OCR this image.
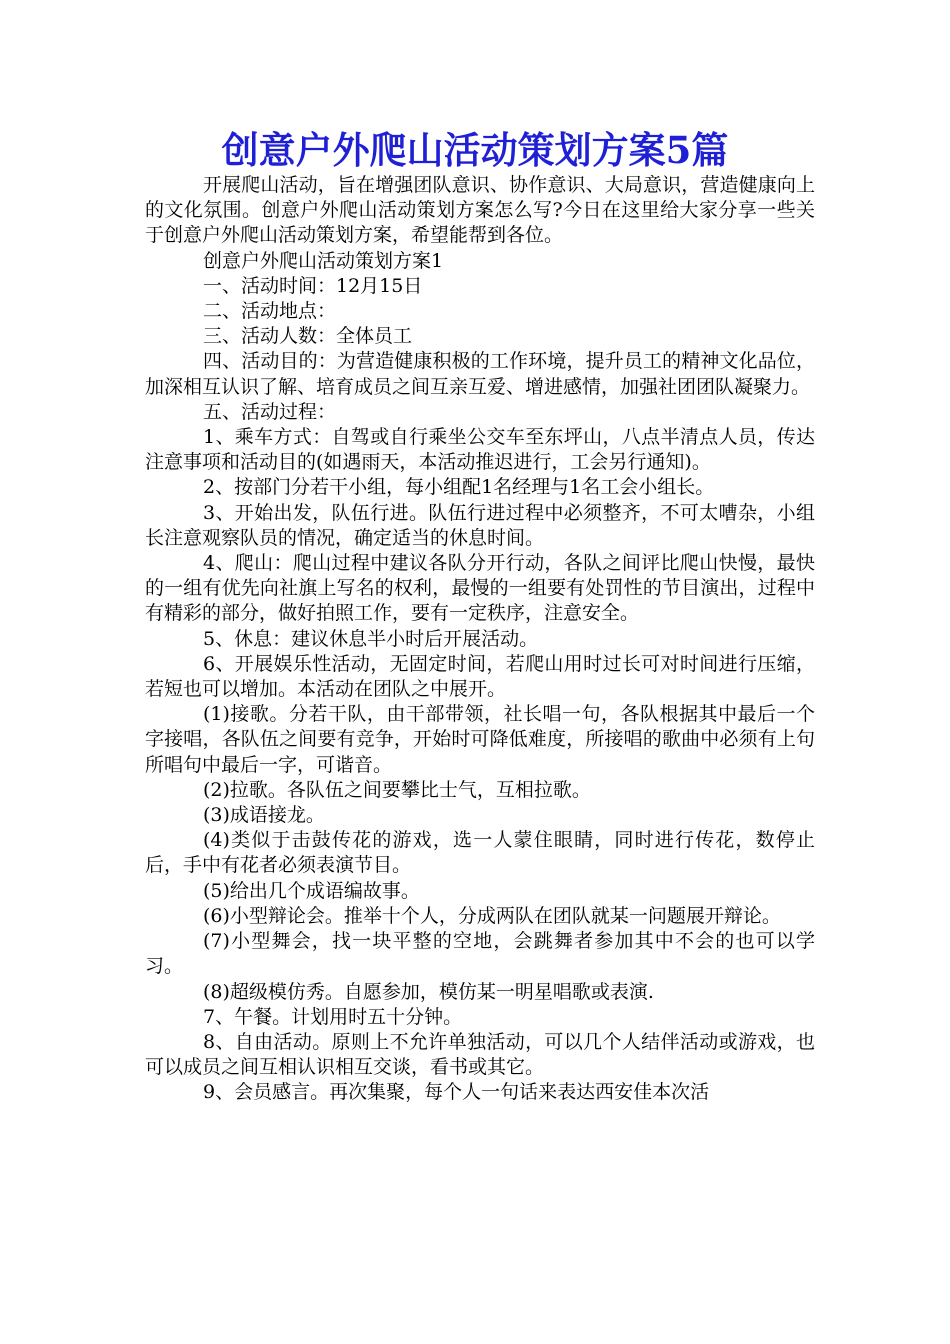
创意户外爬山活动策划方案5篇

开展爬山活动，旨在增强团队意识、协作意识、大局意识，营造健康向上的文化氛围。创意户外爬山活动策划方案怎么写?今日在这里给大家分享一些关于创意户外爬山活动策划方案，希望能帮到各位。

创意户外爬山活动策划方案1

一、活动时间：12月15日

二、活动地点：

三、活动人数：全体员工

四、活动目的：为营造健康积极的工作环境，提升员工的精神文化品位，加深相互认识了解、培育成员之间互亲互爱、增进感情，加强社团团队凝聚力。

五、活动过程：

1、乘车方式：自驾或自行乘坐公交车至东坪山，八点半清点人员，传达注意事项和活动目的(如遇雨天，本活动推迟进行，工会另行通知)。

2、按部门分若干小组，每小组配1名经理与1名工会小组长。

3、开始出发，队伍行进。队伍行进过程中必须整齐，不可太嘈杂，小组长注意观察队员的情况，确定适当的休息时间。

4、爬山：爬山过程中建议各队分开行动，各队之间评比爬山快慢，最快的一组有优先向社旗上写名的权利，最慢的一组要有处罚性的节目演出，过程中有精彩的部分，做好拍照工作，要有一定秩序，注意安全。

5、休息：建议休息半小时后开展活动。

6、开展娱乐性活动，无固定时间，若爬山用时过长可对时间进行压缩，若短也可以增加。本活动在团队之中展开。

(1)接歌。分若干队，由干部带领，社长唱一句，各队根据其中最后一个字接唱，各队伍之间要有竞争，开始时可降低难度，所接唱的歌曲中必须有上句所唱句中最后一字，可谐音。

(2)拉歌。各队伍之间要攀比士气，互相拉歌。

(3)成语接龙。

(4)类似于击鼓传花的游戏，选一人蒙住眼睛，同时进行传花，数停止后，手中有花者必须表演节目。

(5)给出几个成语编故事。

(6)小型辩论会。推举十个人，分成两队在团队就某一问题展开辩论。

(7)小型舞会，找一块平整的空地，会跳舞者参加其中不会的也可以学习。

(8)超级模仿秀。自愿参加，模仿某一明星唱歌或表演.

7、午餐。计划用时五十分钟。

8、自由活动。原则上不允许单独活动，可以几个人结伴活动或游戏，也可以成员之间互相认识相互交谈，看书或其它。

9、会员感言。再次集聚，每个人一句话来表达西安佳本次活
